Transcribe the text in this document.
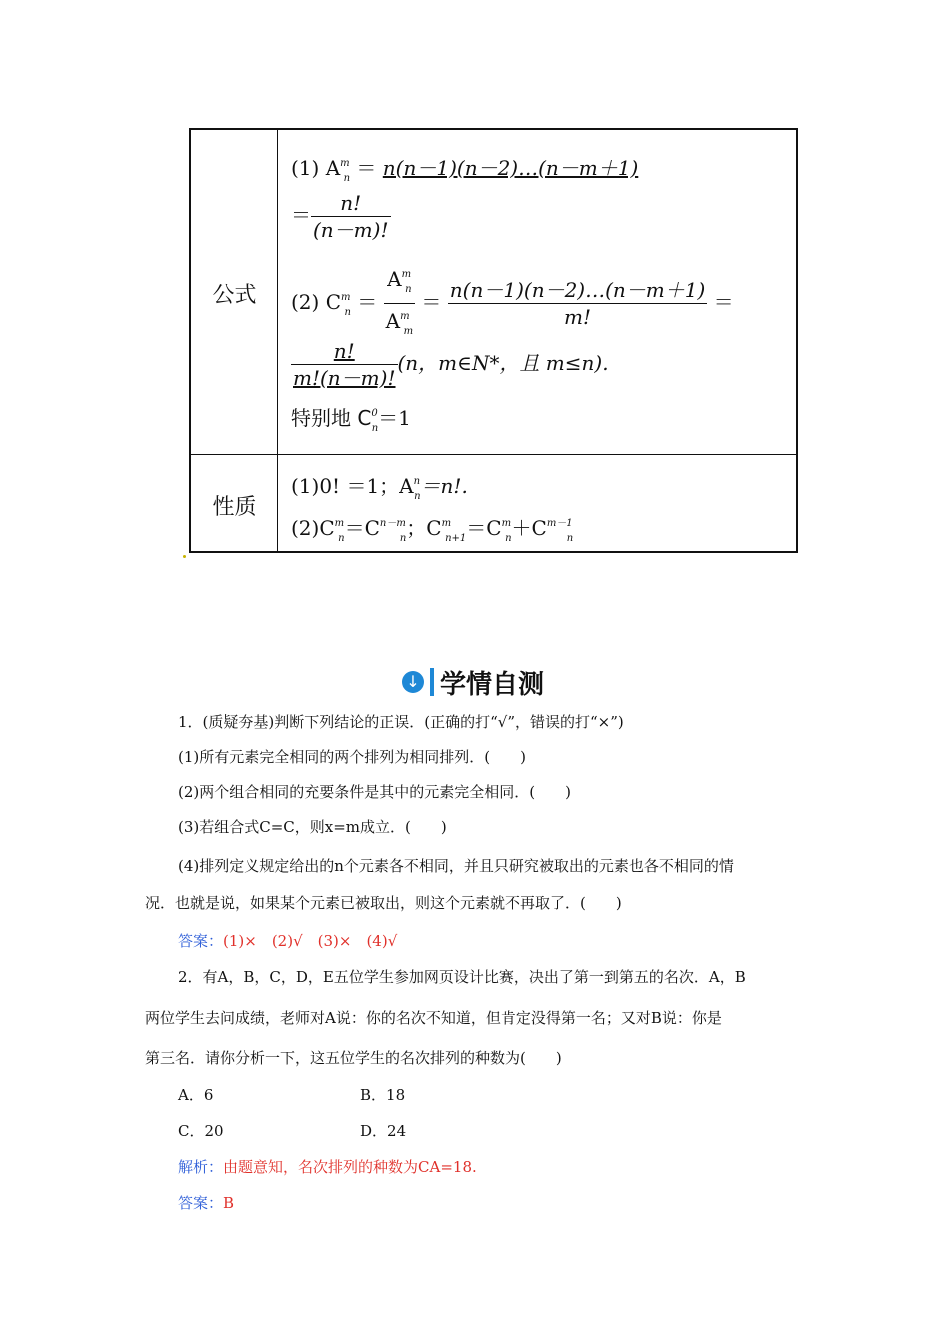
公式
性质
(1) $A^m_n$ ＝ n(n－1)(n－2)…(n－m＋1)
＝ $\frac{n!}{(n-m)!}$
(2) $C^m_n = \frac{A^m_n}{A^m_m} = \frac{n(n-1)(n-2)\dots(n-m+1)}{m!}$ ＝
$\frac{n!}{m!(n-m)!} (n$，m∈N*，且 m≤n).
特别地 $C^0_n=1$
(1)0! ＝1；$A^n_n=n$!.
$(2)C^m_n=C^{n-m}_n$；$C^m_{n+1}=C^m_n+C^{m-1}_n$
↓ 学情自测
1．(质疑夯基)判断下列结论的正误．(正确的打“√”，错误的打“×”)
(1)所有元素完全相同的两个排列为相同排列．(　　)
(2)两个组合相同的充要条件是其中的元素完全相同．(　　)
(3)若组合式C=C，则x=m成立．(　　)
(4)排列定义规定给出的n个元素各不相同，并且只研究被取出的元素也各不相同的情
况．也就是说，如果某个元素已被取出，则这个元素就不再取了．(　　)
答案：(1)×　(2)√　(3)×　(4)√
2．有A，B，C，D，E五位学生参加网页设计比赛，决出了第一到第五的名次．A，B
两位学生去问成绩，老师对A说：你的名次不知道，但肯定没得第一名；又对B说：你是
第三名．请你分析一下，这五位学生的名次排列的种数为(　　)
A．6	B．18
C．20	D．24
解析：由题意知，名次排列的种数为CA=18.
答案：B
